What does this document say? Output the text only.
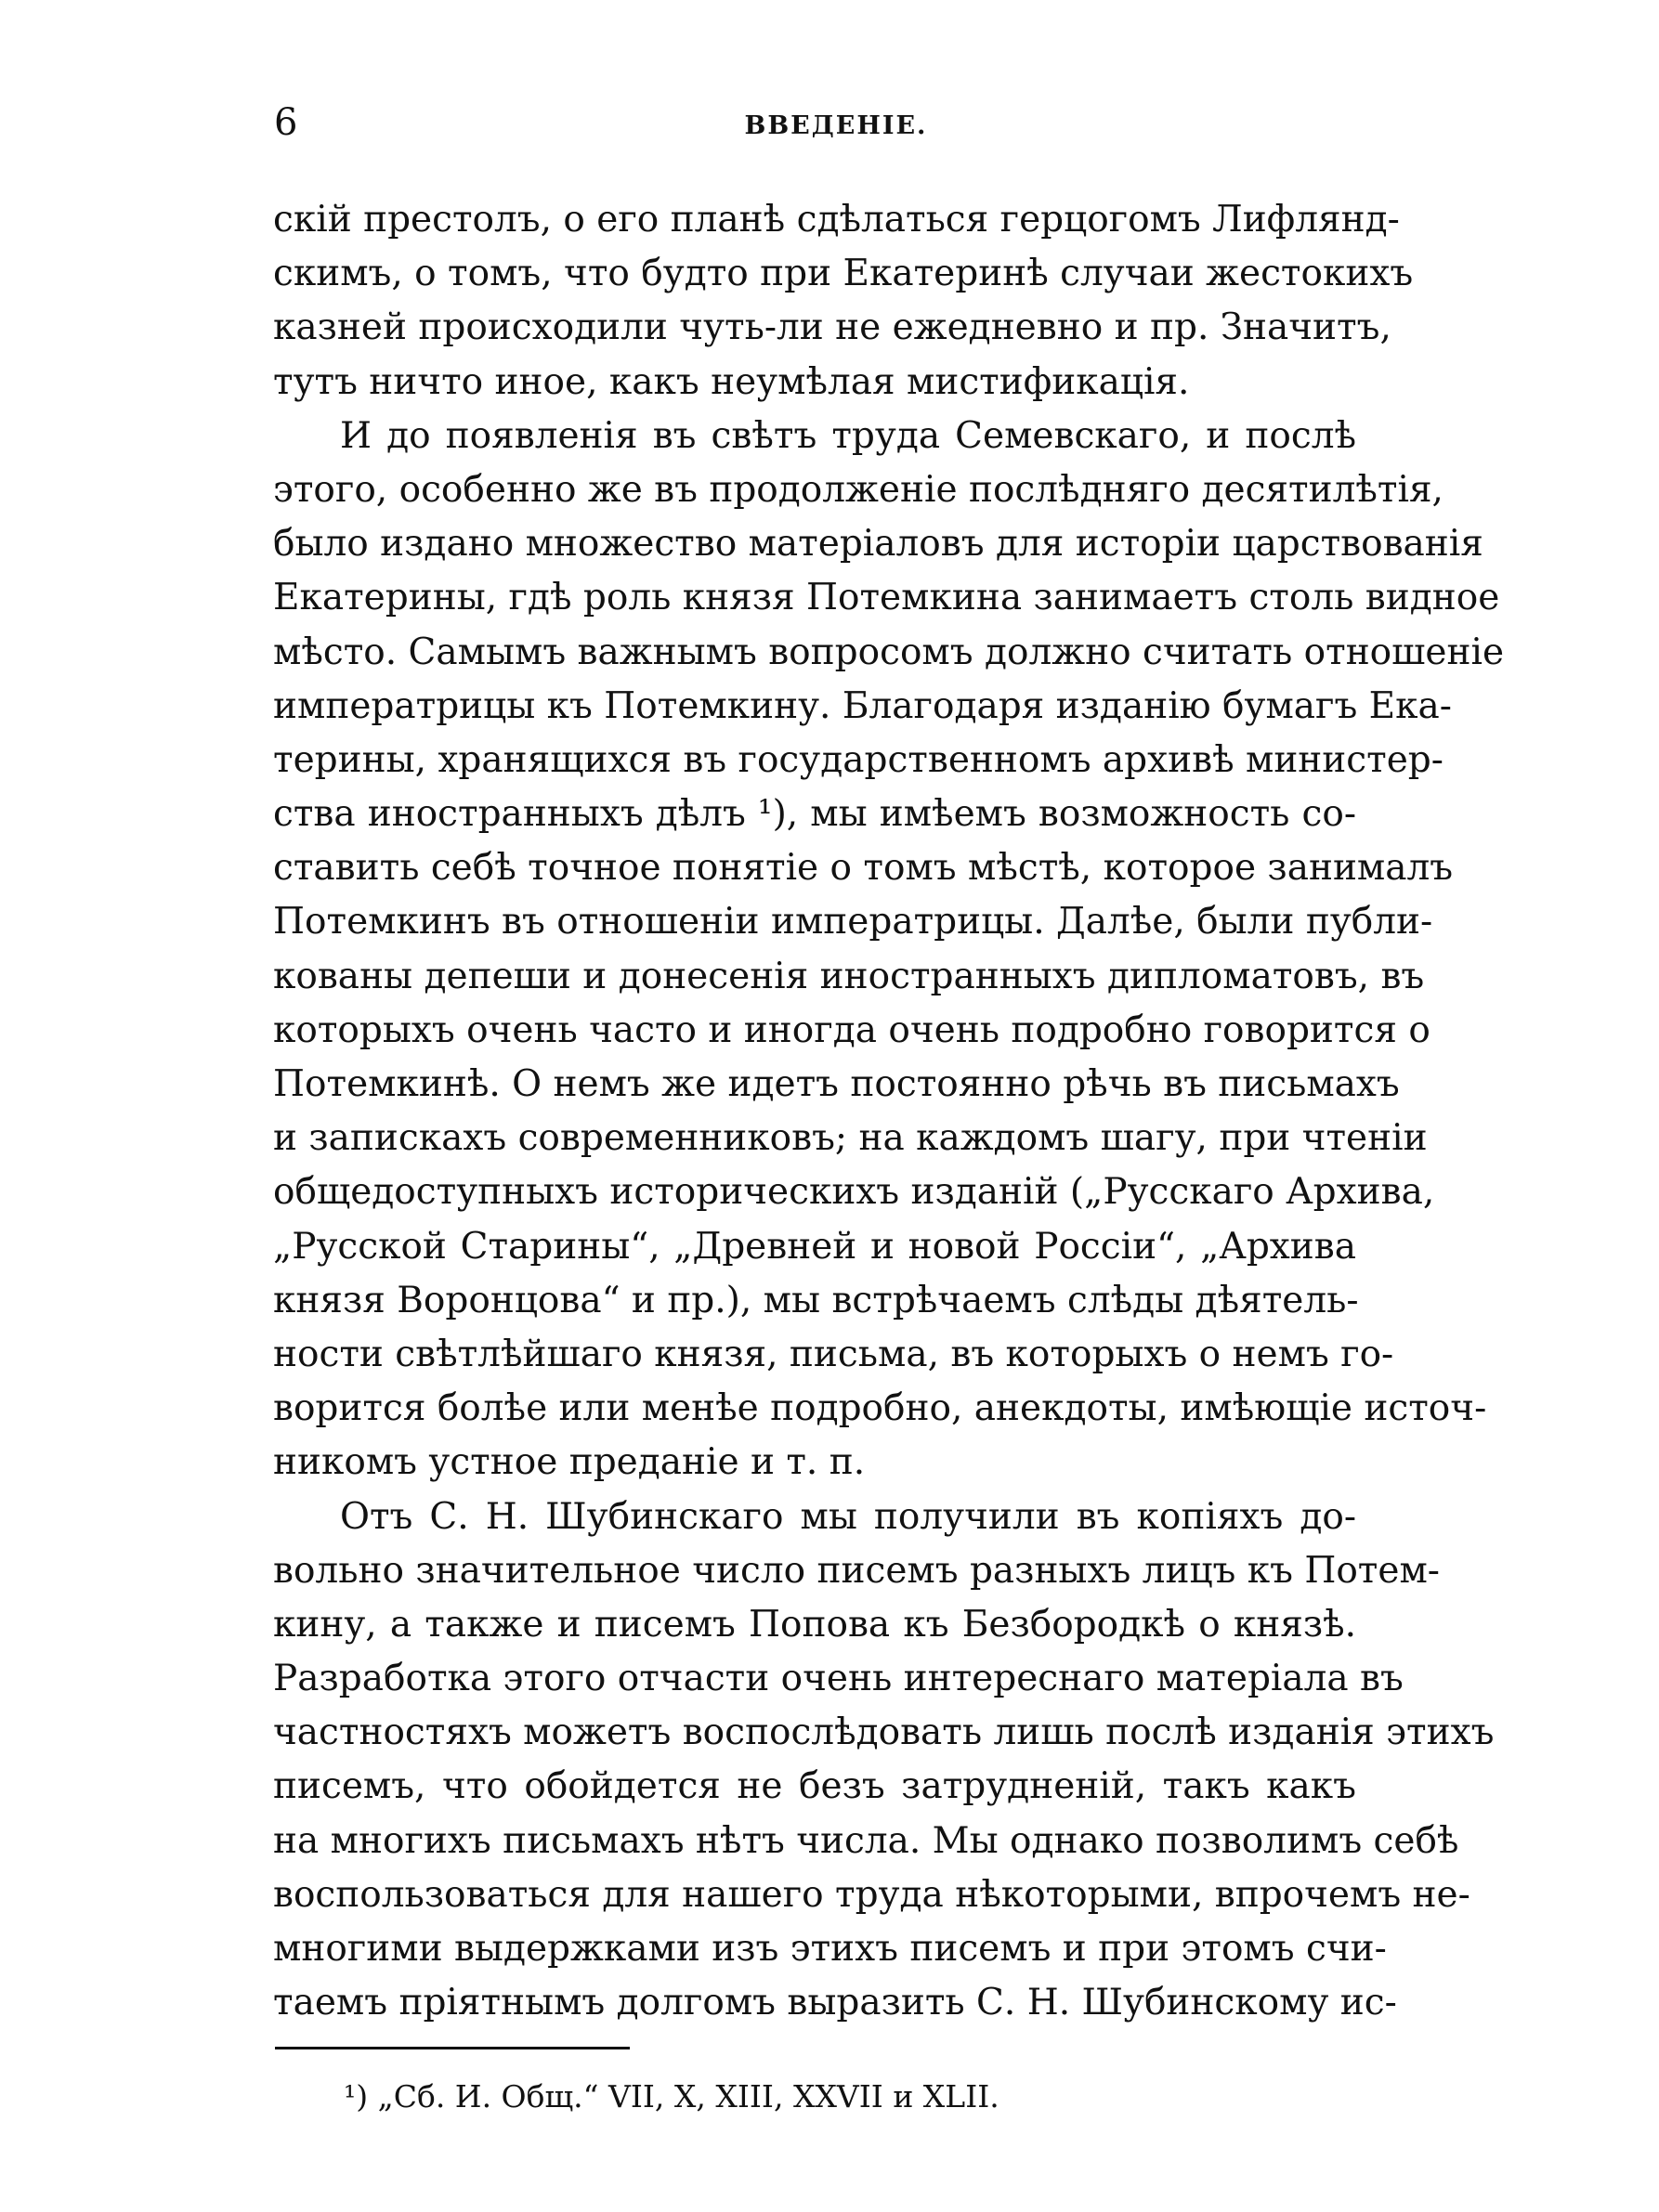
6	ВВЕДЕНІЕ.
скій престолъ, о его планѣ сдѣлаться герцогомъ Лифлянд-
скимъ, о томъ, что будто при Екатеринѣ случаи жестокихъ
казней происходили чуть-ли не ежедневно и пр. Значитъ,
тутъ ничто иное, какъ неумѣлая мистификація.
И до появленія въ свѣтъ труда Семевскаго, и послѣ
этого, особенно же въ продолженіе послѣдняго десятилѣтія,
было издано множество матеріаловъ для исторіи царствованія
Екатерины, гдѣ роль князя Потемкина занимаетъ столь видное
мѣсто. Самымъ важнымъ вопросомъ должно считать отношеніе
императрицы къ Потемкину. Благодаря изданію бумагъ Ека-
терины, хранящихся въ государственномъ архивѣ министер-
ства иностранныхъ дѣлъ ¹), мы имѣемъ возможность со-
ставить себѣ точное понятіе о томъ мѣстѣ, которое занималъ
Потемкинъ въ отношеніи императрицы. Далѣе, были публи-
кованы депеши и донесенія иностранныхъ дипломатовъ, въ
которыхъ очень часто и иногда очень подробно говорится о
Потемкинѣ. О немъ же идетъ постоянно рѣчь въ письмахъ
и запискахъ современниковъ; на каждомъ шагу, при чтеніи
общедоступныхъ историческихъ изданій („Русскаго Архива,
„Русской Старины“, „Древней и новой Россіи“, „Архива
князя Воронцова“ и пр.), мы встрѣчаемъ слѣды дѣятель-
ности свѣтлѣйшаго князя, письма, въ которыхъ о немъ го-
ворится болѣе или менѣе подробно, анекдоты, имѣющіе источ-
никомъ устное преданіе и т. п.
Отъ С. Н. Шубинскаго мы получили въ копіяхъ до-
вольно значительное число писемъ разныхъ лицъ къ Потем-
кину, а также и писемъ Попова къ Безбородкѣ о князѣ.
Разработка этого отчасти очень интереснаго матеріала въ
частностяхъ можетъ воспослѣдовать лишь послѣ изданія этихъ
писемъ, что обойдется не безъ затрудненій, такъ какъ
на многихъ письмахъ нѣтъ числа. Мы однако позволимъ себѣ
воспользоваться для нашего труда нѣкоторыми, впрочемъ не-
многими выдержками изъ этихъ писемъ и при этомъ счи-
таемъ пріятнымъ долгомъ выразить С. Н. Шубинскому ис-
¹) „Сб. И. Общ.“ VII, X, XIII, XXVII и XLII.
